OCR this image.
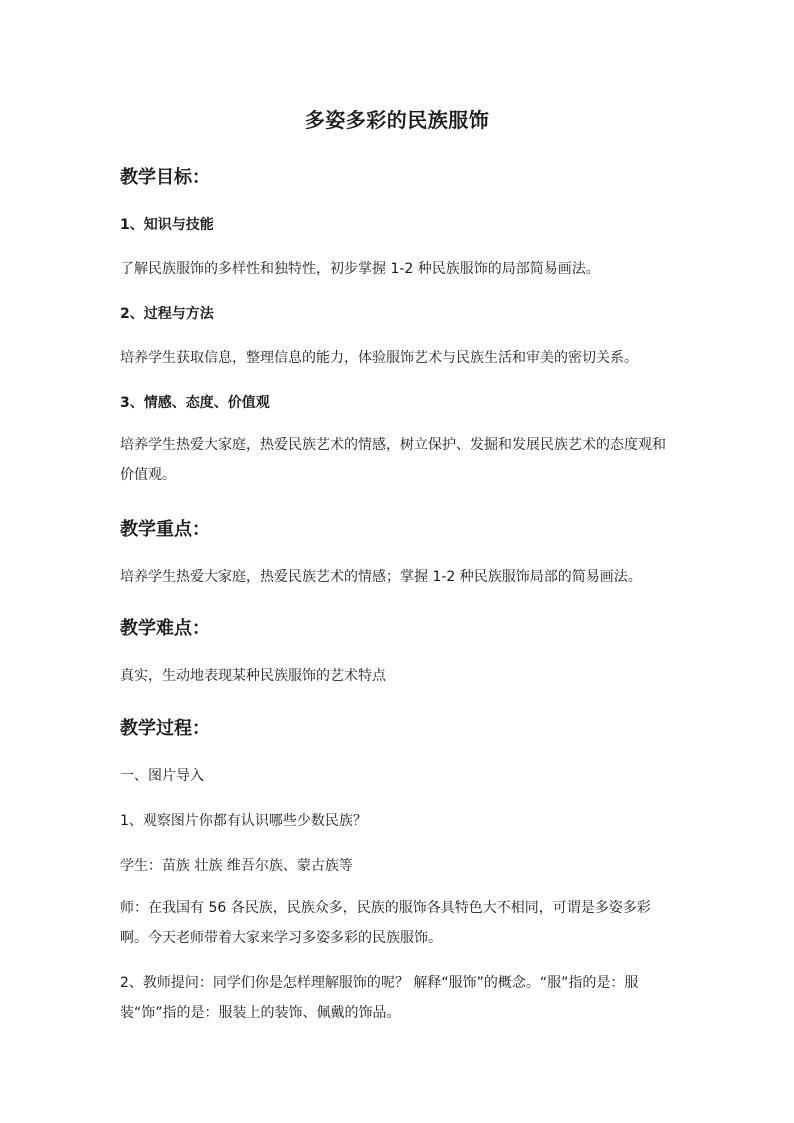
多姿多彩的民族服饰
教学目标：
1、知识与技能
了解民族服饰的多样性和独特性，初步掌握 1-2 种民族服饰的局部简易画法。
2、过程与方法
培养学生获取信息，整理信息的能力，体验服饰艺术与民族生活和审美的密切关系。
3、情感、态度、价值观
培养学生热爱大家庭，热爱民族艺术的情感，树立保护、发掘和发展民族艺术的态度观和价值观。
教学重点：
培养学生热爱大家庭，热爱民族艺术的情感；掌握 1-2 种民族服饰局部的简易画法。
教学难点：
真实，生动地表现某种民族服饰的艺术特点
教学过程：
一、图片导入
1、观察图片你都有认识哪些少数民族？
学生：苗族 壮族 维吾尔族、蒙古族等
师：在我国有 56 各民族，民族众多，民族的服饰各具特色大不相同，可谓是多姿多彩啊。今天老师带着大家来学习多姿多彩的民族服饰。
2、教师提问：同学们你是怎样理解服饰的呢？ 解释“服饰”的概念。“服”指的是：服装“饰”指的是：服装上的装饰、佩戴的饰品。
